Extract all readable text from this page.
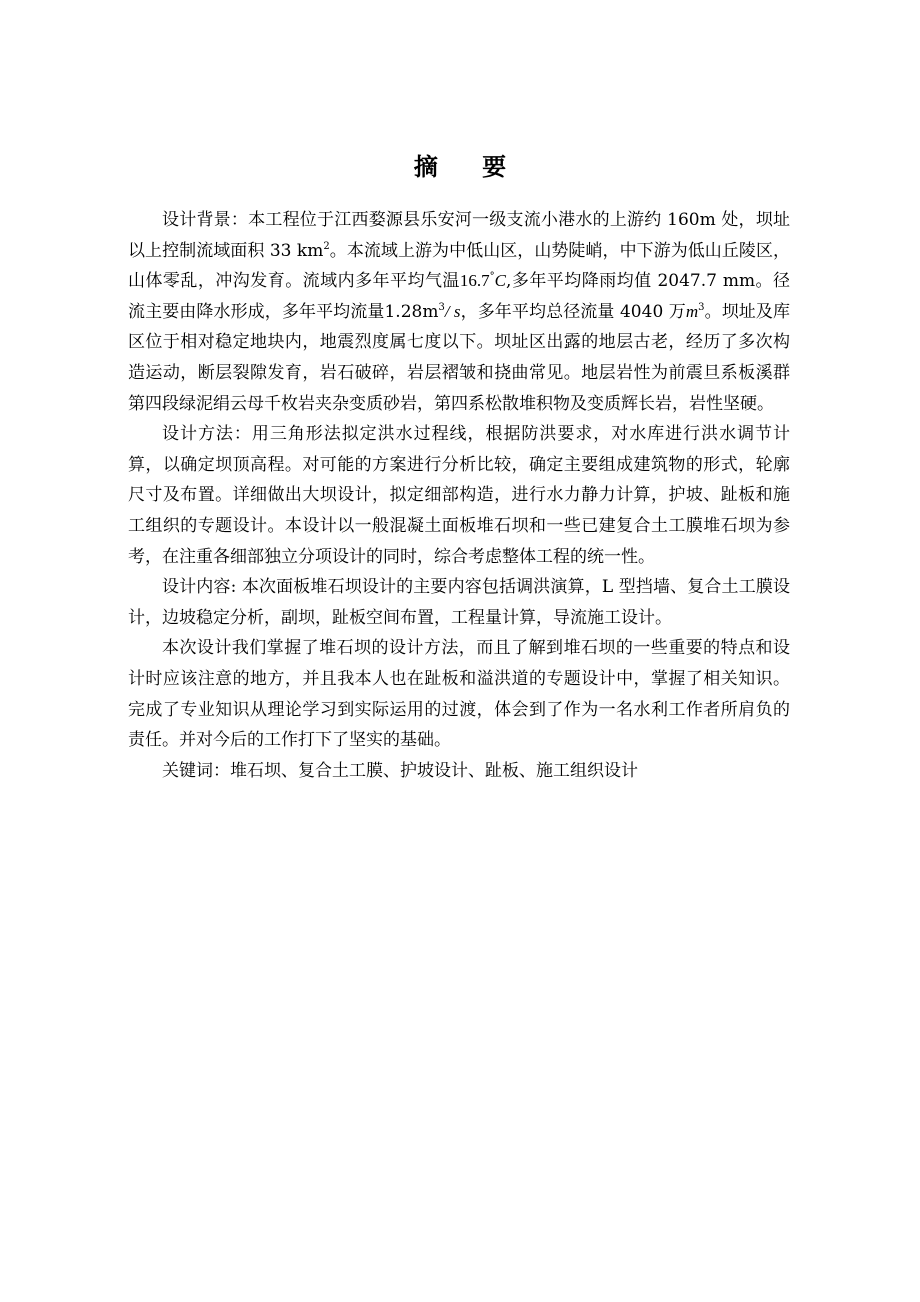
摘 要

设计背景：本工程位于江西婺源县乐安河一级支流小港水的上游约 160m 处，坝址以上控制流域面积 33 $km^2$。本流域上游为中低山区，山势陡峭，中下游为低山丘陵区，山体零乱，冲沟发育。流域内多年平均气温16.7°C,多年平均降雨均值 2047.7 mm。径流主要由降水形成，多年平均流量$1.28m^3/$ s，多年平均总径流量 4040 万$m^3$。坝址及库区位于相对稳定地块内，地震烈度属七度以下。坝址区出露的地层古老，经历了多次构造运动，断层裂隙发育，岩石破碎，岩层褶皱和挠曲常见。地层岩性为前震旦系板溪群第四段绿泥绢云母千枚岩夹杂变质砂岩，第四系松散堆积物及变质辉长岩，岩性坚硬。

设计方法：用三角形法拟定洪水过程线，根据防洪要求，对水库进行洪水调节计算，以确定坝顶高程。对可能的方案进行分析比较，确定主要组成建筑物的形式，轮廓尺寸及布置。详细做出大坝设计，拟定细部构造，进行水力静力计算，护坡、趾板和施工组织的专题设计。本设计以一般混凝土面板堆石坝和一些已建复合土工膜堆石坝为参考，在注重各细部独立分项设计的同时，综合考虑整体工程的统一性。

设计内容: 本次面板堆石坝设计的主要内容包括调洪演算，L 型挡墙、复合土工膜设计，边坡稳定分析，副坝，趾板空间布置，工程量计算，导流施工设计。

本次设计我们掌握了堆石坝的设计方法，而且了解到堆石坝的一些重要的特点和设计时应该注意的地方，并且我本人也在趾板和溢洪道的专题设计中，掌握了相关知识。完成了专业知识从理论学习到实际运用的过渡，体会到了作为一名水利工作者所肩负的责任。并对今后的工作打下了坚实的基础。

关键词：堆石坝、复合土工膜、护坡设计、趾板、施工组织设计
